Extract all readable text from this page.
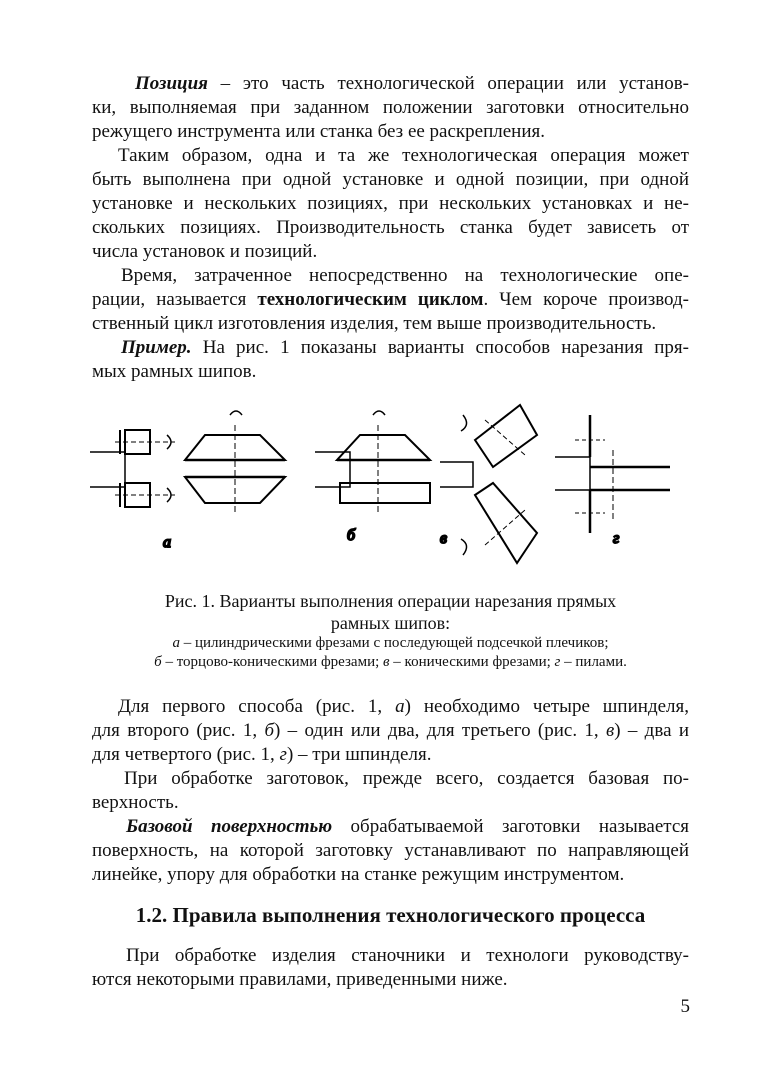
Позиция – это часть технологической операции или установ-
ки, выполняемая при заданном положении заготовки относительно
режущего инструмента или станка без ее раскрепления.

Таким образом, одна и та же технологическая операция может
быть выполнена при одной установке и одной позиции, при одной
установке и нескольких позициях, при нескольких установках и не-
скольких позициях. Производительность станка будет зависеть от
числа установок и позиций.

Время, затраченное непосредственно на технологические опе-
рации, называется технологическим циклом. Чем короче производ-
ственный цикл изготовления изделия, тем выше производительность.

Пример. На рис. 1 показаны варианты способов нарезания пря-
мых рамных шипов.

а	б	в	г

Рис. 1. Варианты выполнения операции нарезания прямых
рамных шипов:

а – цилиндрическими фрезами с последующей подсечкой плечиков;
б – торцово-коническими фрезами; в – коническими фрезами; г – пилами.

Для первого способа (рис. 1, а) необходимо четыре шпинделя,
для второго (рис. 1, б) – один или два, для третьего (рис. 1, в) – два и
для четвертого (рис. 1, г) – три шпинделя.

При обработке заготовок, прежде всего, создается базовая по-
верхность.

Базовой поверхностью обрабатываемой заготовки называется
поверхность, на которой заготовку устанавливают по направляющей
линейке, упору для обработки на станке режущим инструментом.

1.2. Правила выполнения технологического процесса

При обработке изделия станочники и технологи руководству-
ются некоторыми правилами, приведенными ниже.

5
